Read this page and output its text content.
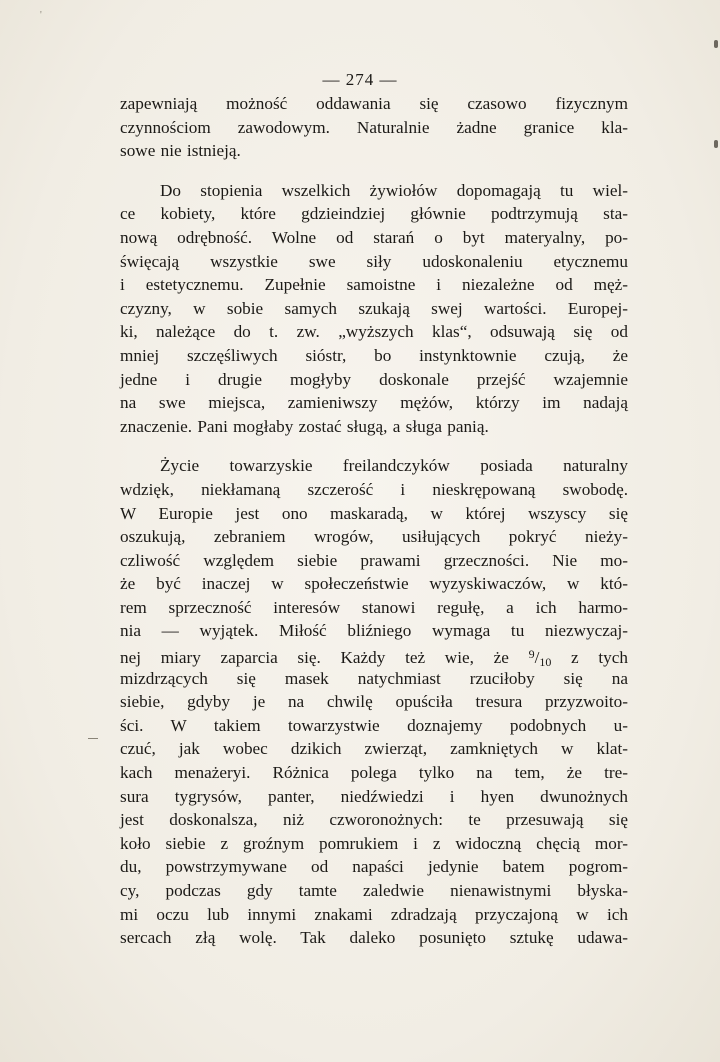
'
— 274 —
zapewniają możność oddawania się czasowo fizycznym
czynnościom zawodowym. Naturalnie żadne granice kla-
sowe nie istnieją.
Do stopienia wszelkich żywiołów dopomagają tu wiel-
ce kobiety, które gdzieindziej głównie podtrzymują sta-
nową odrębność. Wolne od starań o byt materyalny, po-
święcają wszystkie swe siły udoskonaleniu etycznemu
i estetycznemu. Zupełnie samoistne i niezależne od męż-
czyzny, w sobie samych szukają swej wartości. Europej-
ki, należące do t. zw. „wyższych klas“, odsuwają się od
mniej szczęśliwych sióstr, bo instynktownie czują, że
jedne i drugie mogłyby doskonale przejść wzajemnie
na swe miejsca, zamieniwszy mężów, którzy im nadają
znaczenie. Pani mogłaby zostać sługą, a sługa panią.
Życie towarzyskie freilandczyków posiada naturalny
wdzięk, niekłamaną szczerość i nieskrępowaną swobodę.
W Europie jest ono maskaradą, w której wszyscy się
oszukują, zebraniem wrogów, usiłujących pokryć nieży-
czliwość względem siebie prawami grzeczności. Nie mo-
że być inaczej w społeczeństwie wyzyskiwaczów, w któ-
rem sprzeczność interesów stanowi regułę, a ich harmo-
nia — wyjątek. Miłość bliźniego wymaga tu niezwyczaj-
nej miary zaparcia się. Każdy też wie, że $^9$/10 z tych
mizdrzących się masek natychmiast rzuciłoby się na
siebie, gdyby je na chwilę opuściła tresura przyzwoito-
ści. W takiem towarzystwie doznajemy podobnych u-
czuć, jak wobec dzikich zwierząt, zamkniętych w klat-
kach menażeryi. Różnica polega tylko na tem, że tre-
sura tygrysów, panter, niedźwiedzi i hyen dwunożnych
jest doskonalsza, niż czworonożnych: te przesuwają się
koło siebie z groźnym pomrukiem i z widoczną chęcią mor-
du, powstrzymywane od napaści jedynie batem pogrom-
cy, podczas gdy tamte zaledwie nienawistnymi błyska-
mi oczu lub innymi znakami zdradzają przyczajoną w ich
sercach złą wolę. Tak daleko posunięto sztukę udawa-
